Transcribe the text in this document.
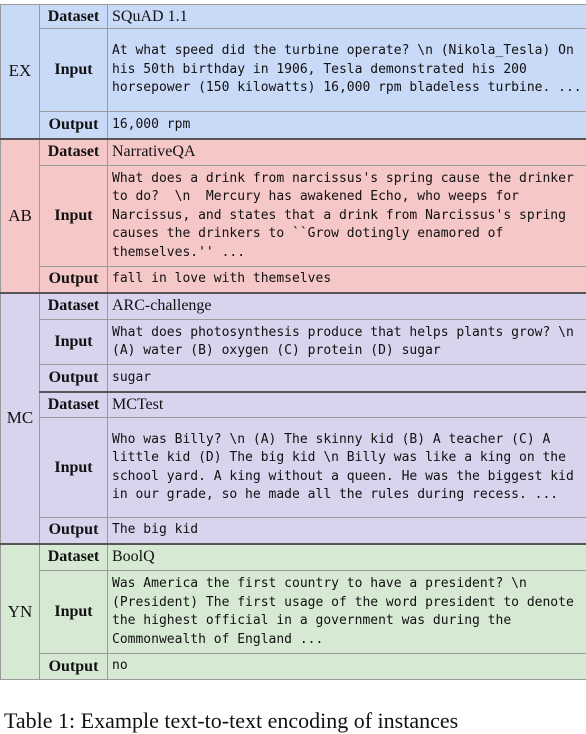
EX	Dataset	SQuAD 1.1
	Input	At what speed did the turbine operate? \n (Nikola_Tesla) On his 50th birthday in 1906, Tesla demonstrated his 200 horsepower (150 kilowatts) 16,000 rpm bladeless turbine. ...
	Output	16,000 rpm
AB	Dataset	NarrativeQA
	Input	What does a drink from narcissus's spring cause the drinker to do?  \n  Mercury has awakened Echo, who weeps for Narcissus, and states that a drink from Narcissus's spring causes the drinkers to ``Grow dotingly enamored of themselves.'' ...
	Output	fall in love with themselves
MC	Dataset	ARC-challenge
	Input	What does photosynthesis produce that helps plants grow? \n (A) water (B) oxygen (C) protein (D) sugar
	Output	sugar
	Dataset	MCTest
	Input	Who was Billy? \n (A) The skinny kid (B) A teacher (C) A little kid (D) The big kid \n Billy was like a king on the school yard. A king without a queen. He was the biggest kid in our grade, so he made all the rules during recess. ...
	Output	The big kid
YN	Dataset	BoolQ
	Input	Was America the first country to have a president? \n (President) The first usage of the word president to denote the highest official in a government was during the Commonwealth of England ...
	Output	no
Table 1: Example text-to-text encoding of instances
